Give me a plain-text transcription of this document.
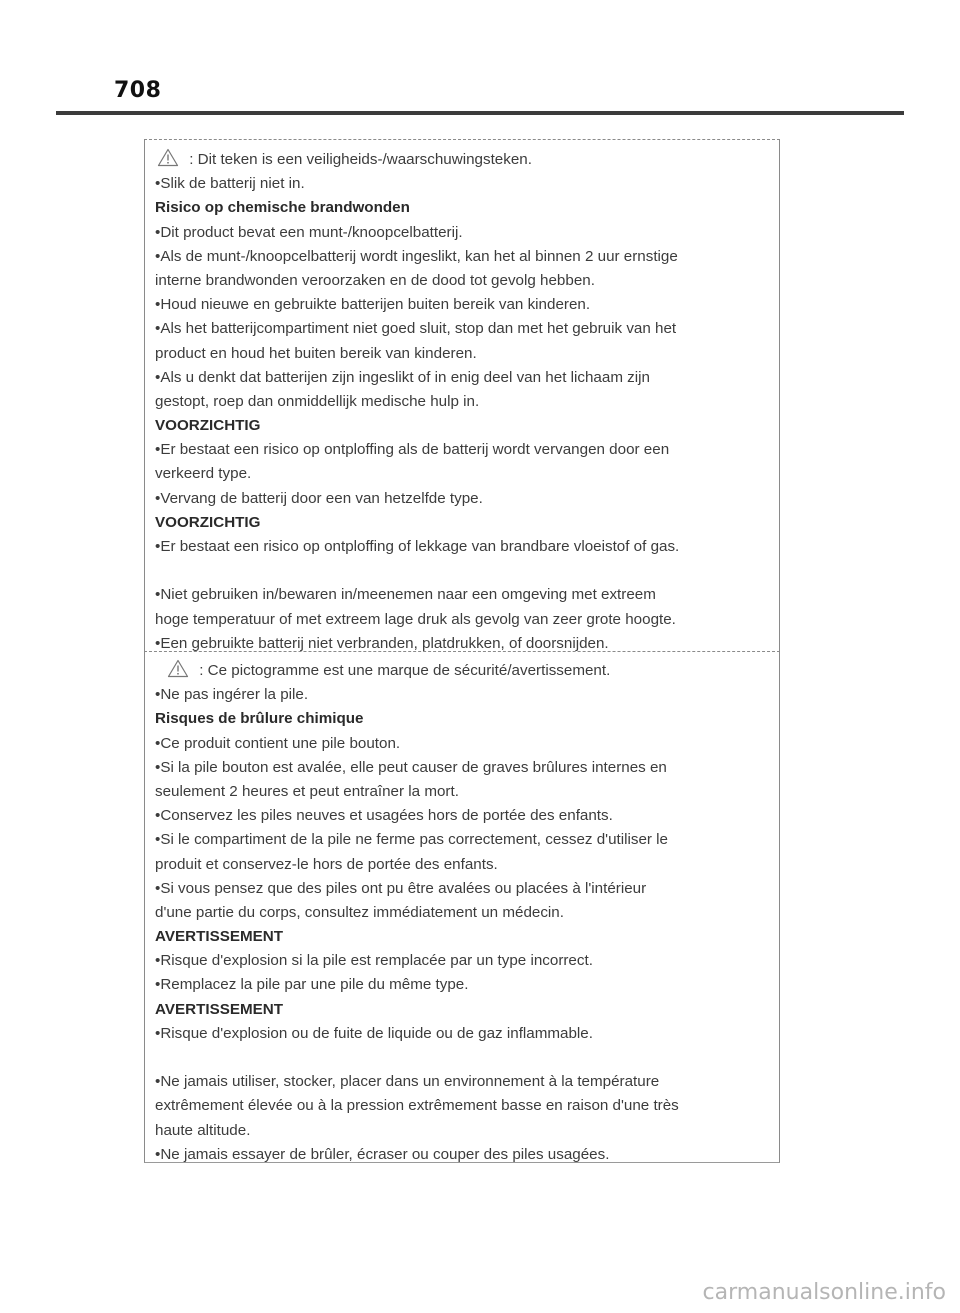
708
: Dit teken is een veiligheids-/waarschuwingsteken.
•Slik de batterij niet in.
Risico op chemische brandwonden
•Dit product bevat een munt-/knoopcelbatterij.
•Als de munt-/knoopcelbatterij wordt ingeslikt, kan het al binnen 2 uur ernstige
interne brandwonden veroorzaken en de dood tot gevolg hebben.
•Houd nieuwe en gebruikte batterijen buiten bereik van kinderen.
•Als het batterijcompartiment niet goed sluit, stop dan met het gebruik van het
product en houd het buiten bereik van kinderen.
•Als u denkt dat batterijen zijn ingeslikt of in enig deel van het lichaam zijn
gestopt, roep dan onmiddellijk medische hulp in.
VOORZICHTIG
•Er bestaat een risico op ontploffing als de batterij wordt vervangen door een
verkeerd type.
•Vervang de batterij door een van hetzelfde type.
VOORZICHTIG
•Er bestaat een risico op ontploffing of lekkage van brandbare vloeistof of gas.
•Niet gebruiken in/bewaren in/meenemen naar een omgeving met extreem
hoge temperatuur of met extreem lage druk als gevolg van zeer grote hoogte.
•Een gebruikte batterij niet verbranden, platdrukken, of doorsnijden.
: Ce pictogramme est une marque de sécurité/avertissement.
•Ne pas ingérer la pile.
Risques de brûlure chimique
•Ce produit contient une pile bouton.
•Si la pile bouton est avalée, elle peut causer de graves brûlures internes en
seulement 2 heures et peut entraîner la mort.
•Conservez les piles neuves et usagées hors de portée des enfants.
•Si le compartiment de la pile ne ferme pas correctement, cessez d'utiliser le
produit et conservez-le hors de portée des enfants.
•Si vous pensez que des piles ont pu être avalées ou placées à l'intérieur
d'une partie du corps, consultez immédiatement un médecin.
AVERTISSEMENT
•Risque d'explosion si la pile est remplacée par un type incorrect.
•Remplacez la pile par une pile du même type.
AVERTISSEMENT
•Risque d'explosion ou de fuite de liquide ou de gaz inflammable.
•Ne jamais utiliser, stocker, placer dans un environnement à la température
extrêmement élevée ou à la pression extrêmement basse en raison d'une très
haute altitude.
•Ne jamais essayer de brûler, écraser ou couper des piles usagées.
carmanualsonline.info
